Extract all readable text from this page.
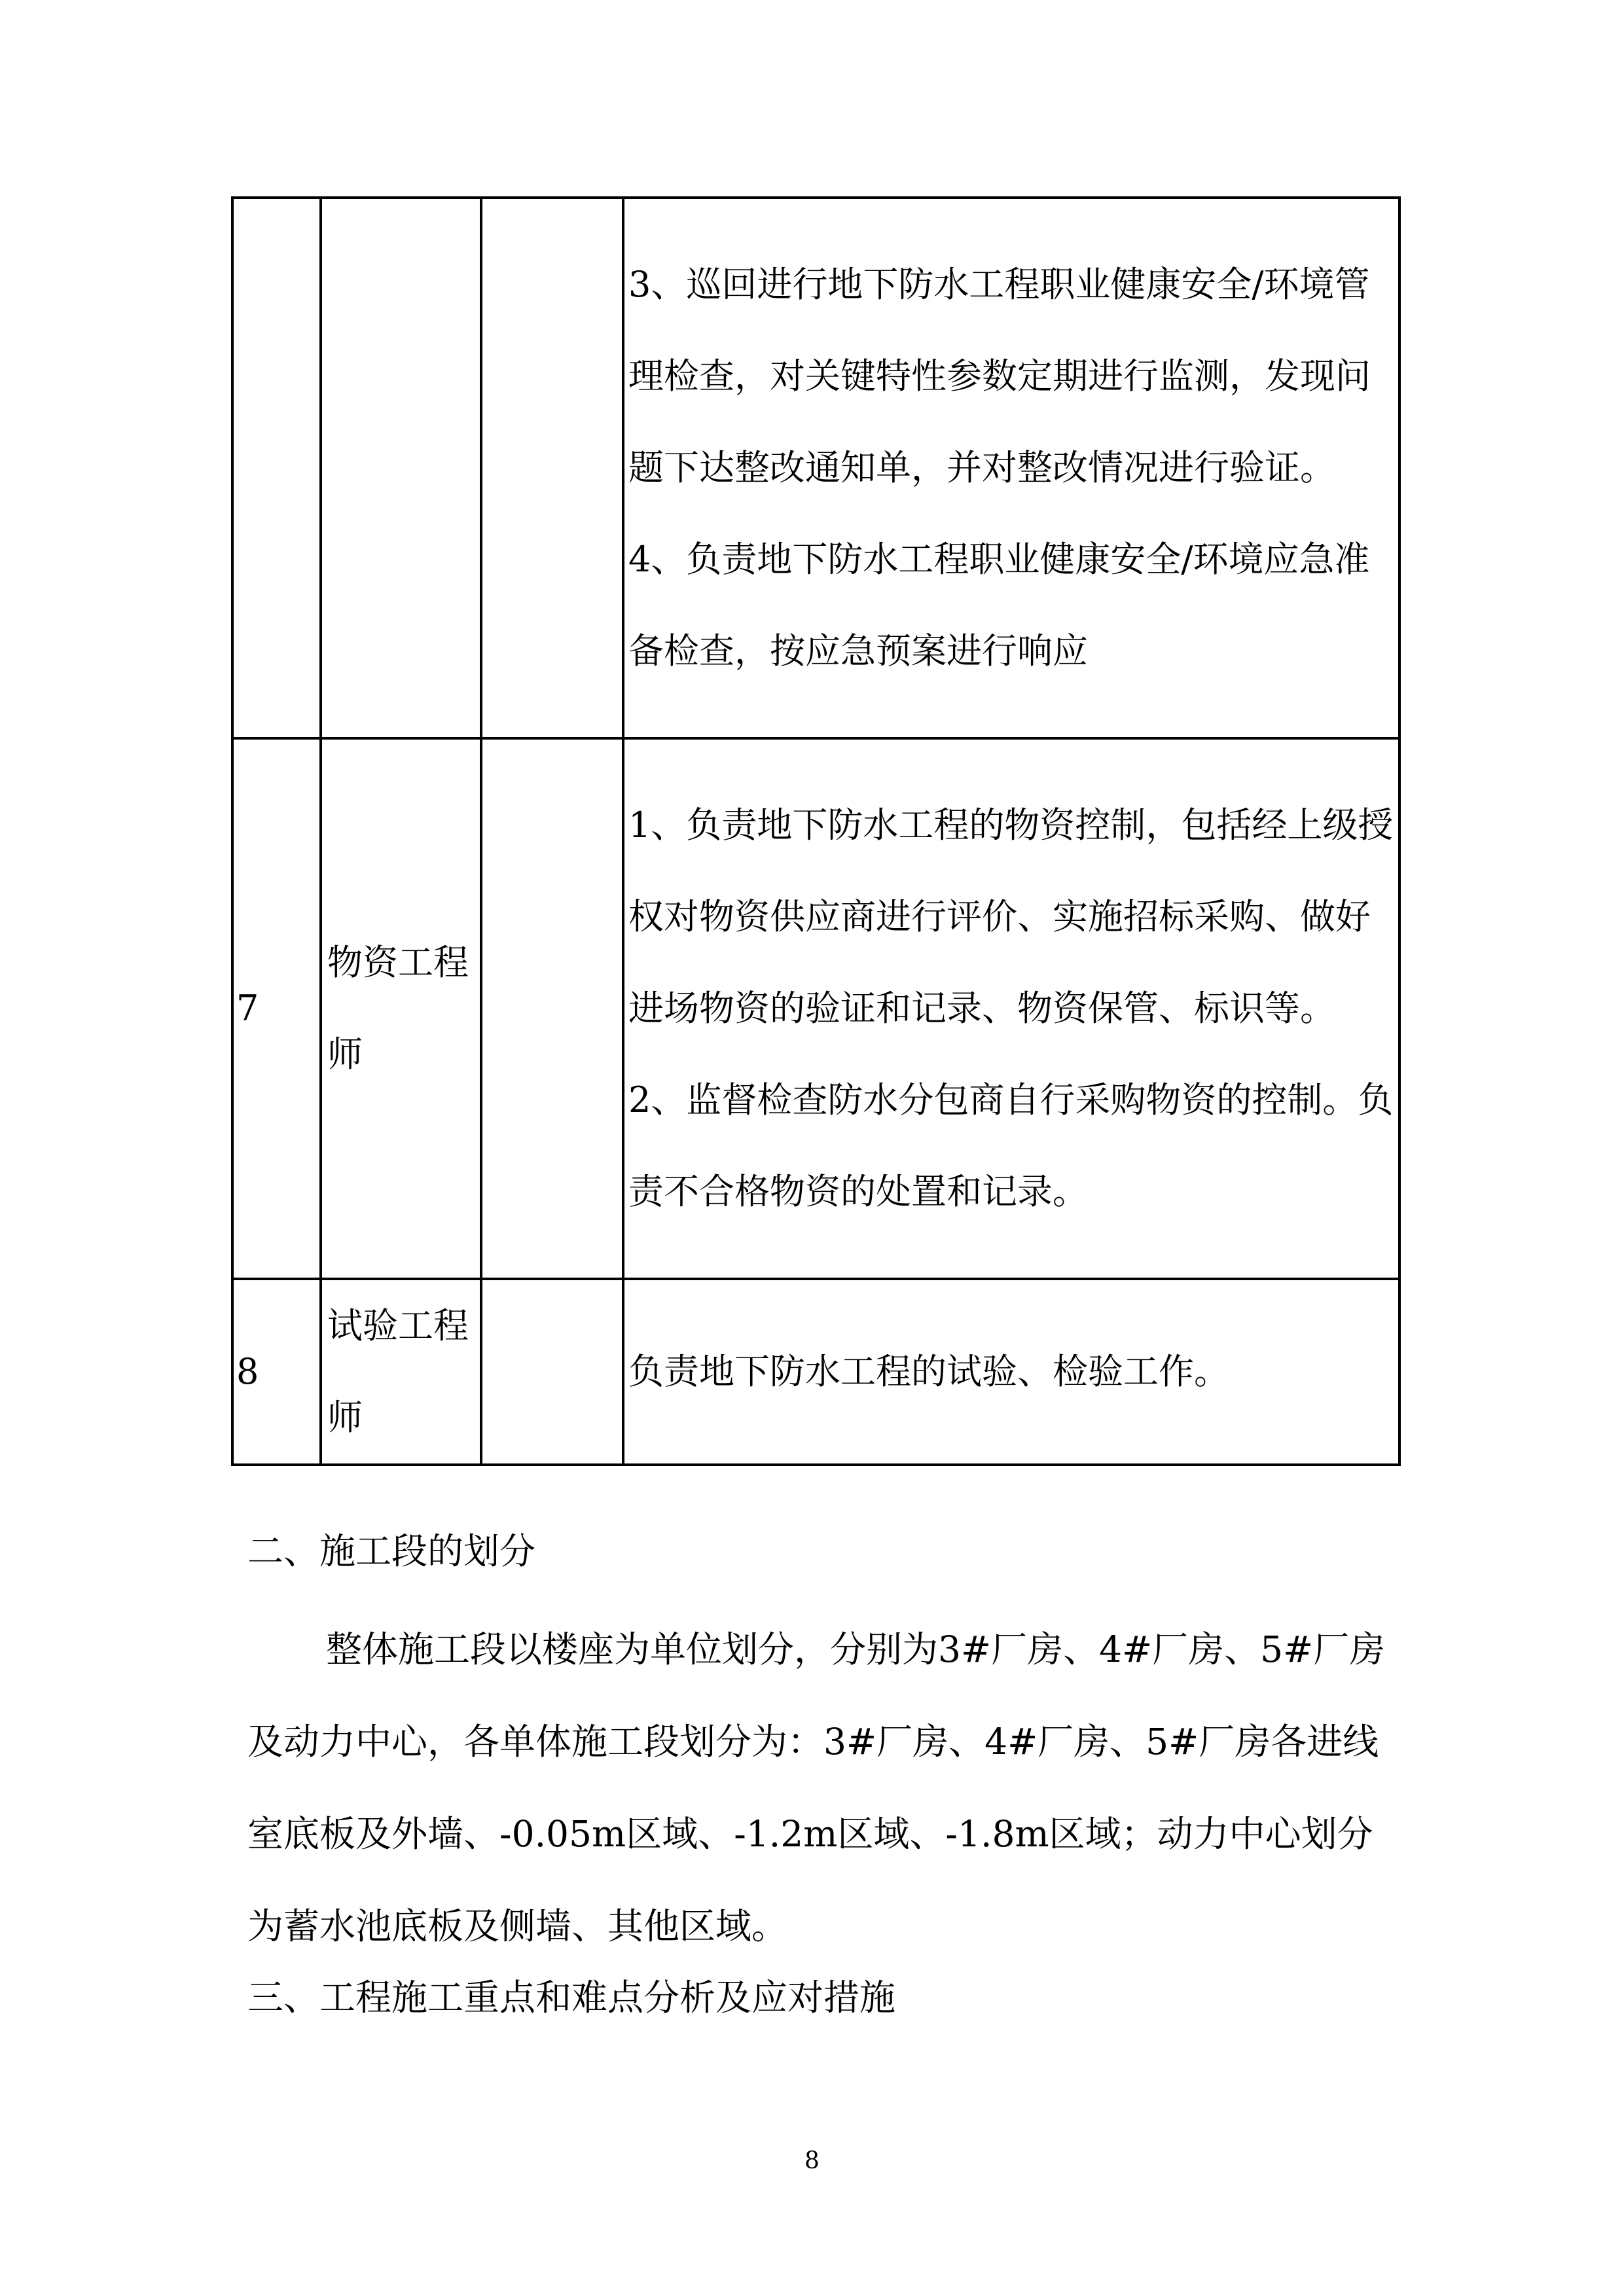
			3、巡回进行地下防水工程职业健康安全/环境管理检查，对关键特性参数定期进行监测，发现问题下达整改通知单，并对整改情况进行验证。

4、负责地下防水工程职业健康安全/环境应急准备检查，按应急预案进行响应

7	物资工程师		1、负责地下防水工程的物资控制，包括经上级授权对物资供应商进行评价、实施招标采购、做好进场物资的验证和记录、物资保管、标识等。

2、监督检查防水分包商自行采购物资的控制。负责不合格物资的处置和记录。

8	试验工程师		负责地下防水工程的试验、检验工作。

二、施工段的划分

整体施工段以楼座为单位划分，分别为3#厂房、4#厂房、5#厂房及动力中心，各单体施工段划分为：3#厂房、4#厂房、5#厂房各进线室底板及外墙、-0.05m区域、-1.2m区域、-1.8m区域；动力中心划分为蓄水池底板及侧墙、其他区域。

三、工程施工重点和难点分析及应对措施
8
